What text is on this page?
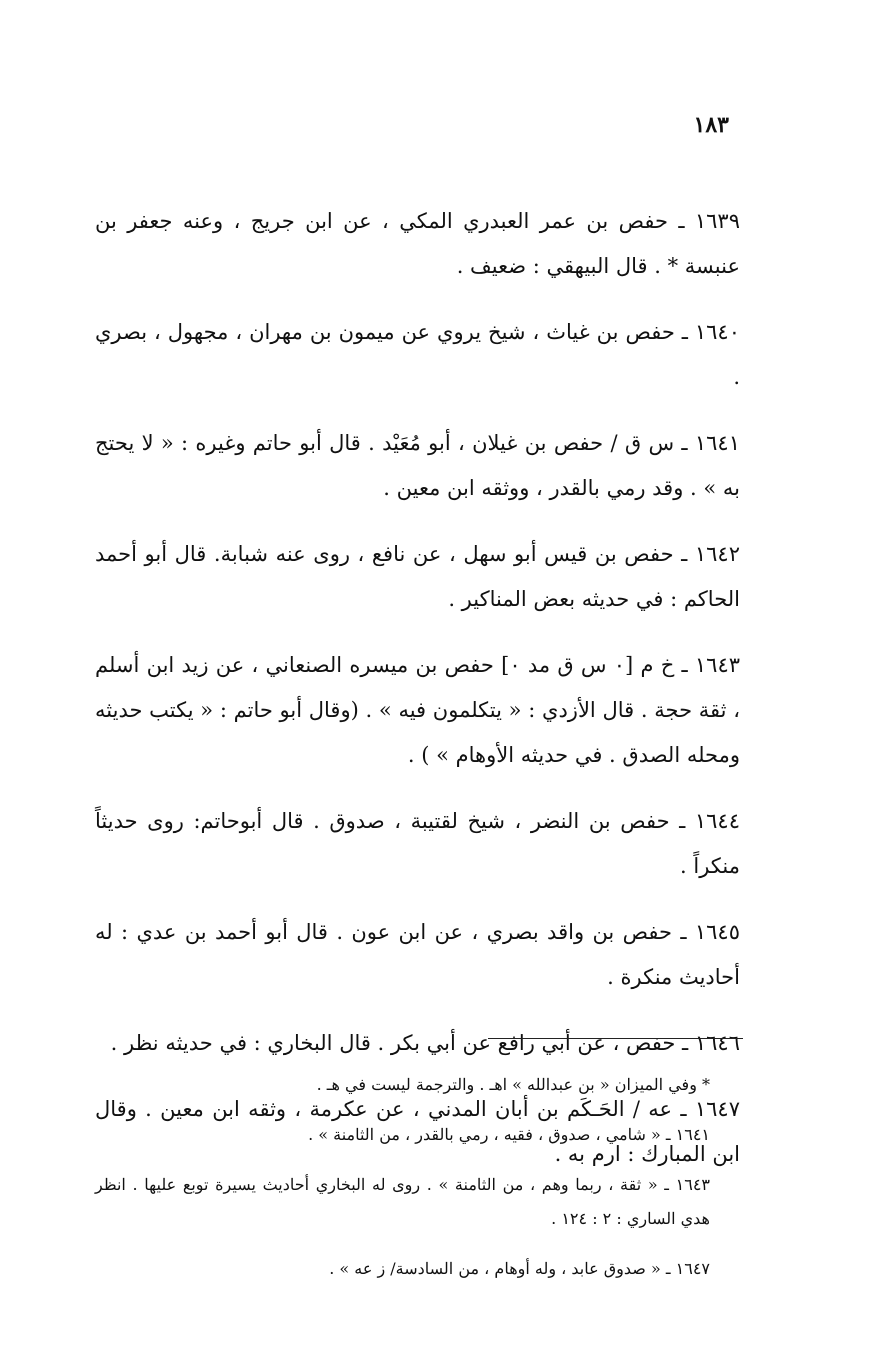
١٨٣

١٦٣٩ ـ حفص بن عمر العبدري المكي ، عن ابن جريج ، وعنه جعفر بن عنبسة * . قال البيهقي : ضعيف .

١٦٤٠ ـ حفص بن غياث ، شيخ يروي عن ميمون بن مهران ، مجهول ، بصري .

١٦٤١ ـ س ق / حفص بن غيلان ، أبو مُعَيْد . قال أبو حاتم وغيره : « لا يحتج به » . وقد رمي بالقدر ، ووثقه ابن معين .

١٦٤٢ ـ حفص بن قيس أبو سهل ، عن نافع ، روى عنه شبابة. قال أبو أحمد الحاكم : في حديثه بعض المناكير .

١٦٤٣ ـ خ م [٠ س ق مد ٠] حفص بن ميسره الصنعاني ، عن زيد ابن أسلم ، ثقة حجة . قال الأزدي : « يتكلمون فيه » . (وقال أبو حاتم : « يكتب حديثه ومحله الصدق . في حديثه الأوهام » ) .

١٦٤٤ ـ حفص بن النضر ، شيخ لقتيبة ، صدوق . قال أبوحاتم: روى حديثاً منكراً .

١٦٤٥ ـ حفص بن واقد بصري ، عن ابن عون . قال أبو أحمد بن عدي : له أحاديث منكرة .

١٦٤٦ ـ حفص ، عن أبي رافع عن أبي بكر . قال البخاري : في حديثه نظر .

١٦٤٧ ـ عه / الحَـكَم بن أبان المدني ، عن عكرمة ، وثقه ابن معين . وقال ابن المبارك : ارم به .

* وفي الميزان « بن عبدالله » اهـ . والترجمة ليست في هـ .

١٦٤١ ـ « شامي ، صدوق ، فقيه ، رمي بالقدر ، من الثامنة » .

١٦٤٣ ـ « ثقة ، ربما وهم ، من الثامنة » . روى له البخاري أحاديث يسيرة توبع عليها . انظر هدي الساري : ٢ : ١٢٤ .

١٦٤٧ ـ « صدوق عابد ، وله أوهام ، من السادسة/ ز عه » .
